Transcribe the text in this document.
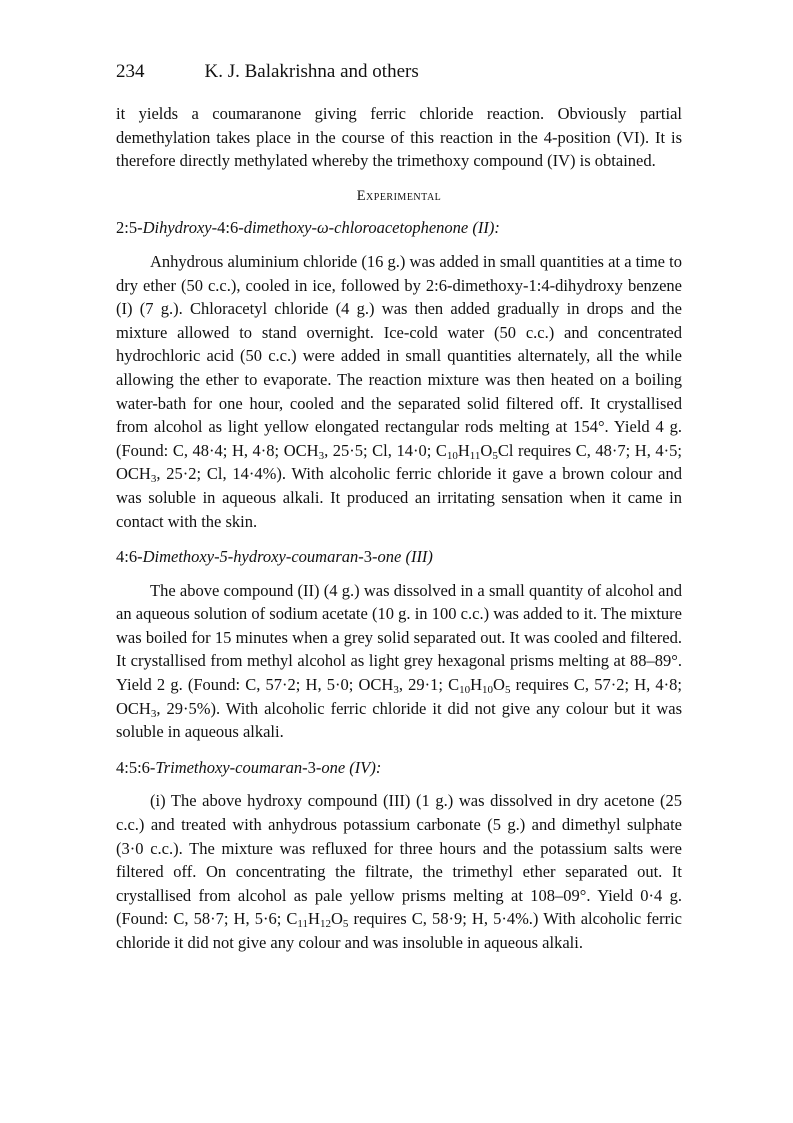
234	K. J. Balakrishna and others

it yields a coumaranone giving ferric chloride reaction. Obviously partial demethylation takes place in the course of this reaction in the 4-position (VI). It is therefore directly methylated whereby the trimethoxy compound (IV) is obtained.

Experimental
2:5-Dihydroxy-4:6-dimethoxy-ω-chloroacetophenone (II):

Anhydrous aluminium chloride (16 g.) was added in small quantities at a time to dry ether (50 c.c.), cooled in ice, followed by 2:6-dimethoxy-1:4-dihydroxy benzene (I) (7 g.). Chloracetyl chloride (4 g.) was then added gradually in drops and the mixture allowed to stand overnight. Ice-cold water (50 c.c.) and concentrated hydrochloric acid (50 c.c.) were added in small quantities alternately, all the while allowing the ether to evaporate. The reaction mixture was then heated on a boiling water-bath for one hour, cooled and the separated solid filtered off. It crystallised from alcohol as light yellow elongated rectangular rods melting at 154°. Yield 4 g. (Found: C, 48·4; H, 4·8; $OCH_3$, 25·5; Cl, 14·0; $C_{10}H_{11}O_5Cl$ requires C, 48·7; H, 4·5; $OCH_3$, 25·2; Cl, 14·4%). With alcoholic ferric chloride it gave a brown colour and was soluble in aqueous alkali. It produced an irritating sensation when it came in contact with the skin.

4:6-Dimethoxy-5-hydroxy-coumaran-3-one (III)

The above compound (II) (4 g.) was dissolved in a small quantity of alcohol and an aqueous solution of sodium acetate (10 g. in 100 c.c.) was added to it. The mixture was boiled for 15 minutes when a grey solid separated out. It was cooled and filtered. It crystallised from methyl alcohol as light grey hexagonal prisms melting at 88–89°. Yield 2 g. (Found: C, 57·2; H, 5·0; $OCH_3$, 29·1; $C_{10}H_{10}O_5$ requires C, 57·2; H, 4·8; $OCH_3$, 29·5%). With alcoholic ferric chloride it did not give any colour but it was soluble in aqueous alkali.

4:5:6-Trimethoxy-coumaran-3-one (IV):

(i) The above hydroxy compound (III) (1 g.) was dissolved in dry acetone (25 c.c.) and treated with anhydrous potassium carbonate (5 g.) and dimethyl sulphate (3·0 c.c.). The mixture was refluxed for three hours and the potassium salts were filtered off. On concentrating the filtrate, the trimethyl ether separated out. It crystallised from alcohol as pale yellow prisms melting at 108–09°. Yield 0·4 g. (Found: C, 58·7; H, 5·6; $C_{11}H_{12}O_5$ requires C, 58·9; H, 5·4%.) With alcoholic ferric chloride it did not give any colour and was insoluble in aqueous alkali.
